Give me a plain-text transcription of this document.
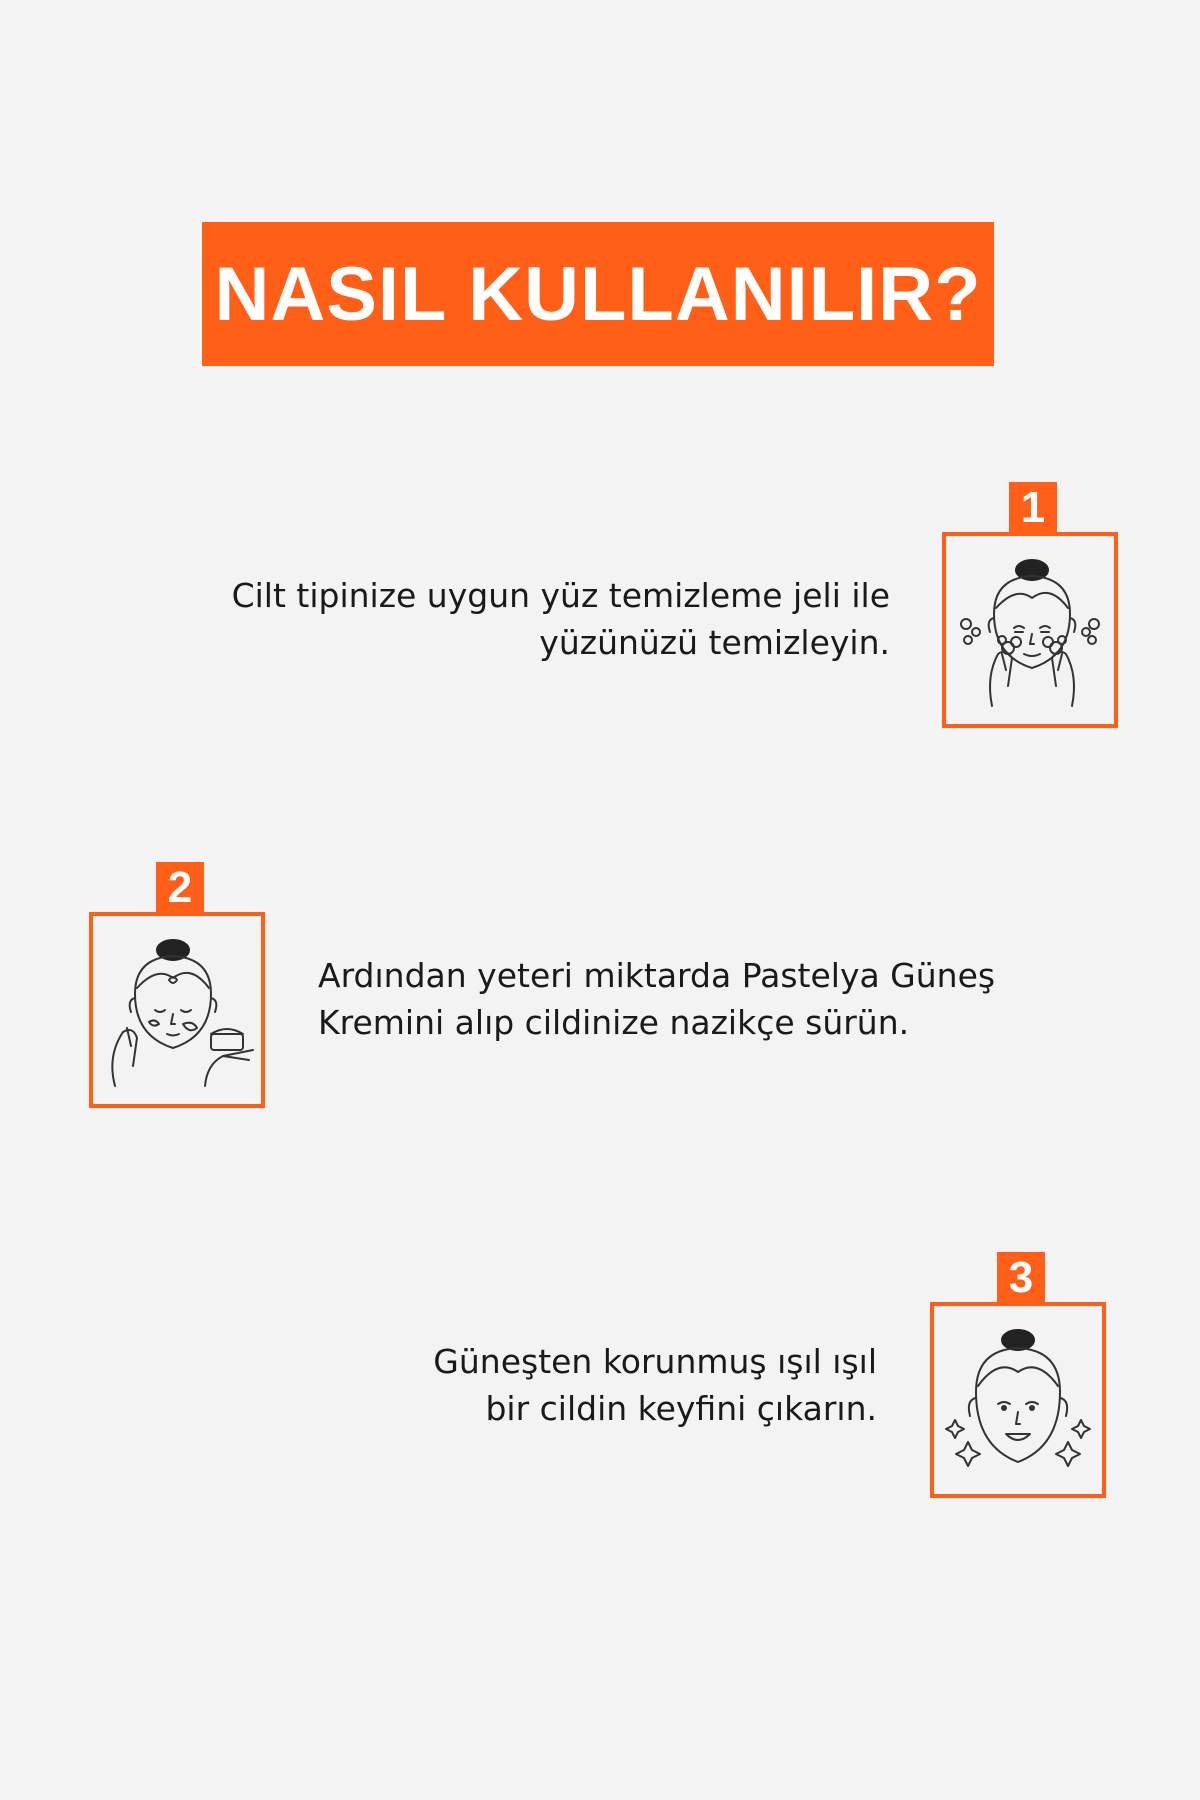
NASIL KULLANILIR?
Cilt tipinize uygun yüz temizleme jeli ile
yüzünüzü temizleyin.
1
2
Ardından yeteri miktarda Pastelya Güneş
Kremini alıp cildinize nazikçe sürün.
Güneşten korunmuş ışıl ışıl
bir cildin keyfini çıkarın.
3
